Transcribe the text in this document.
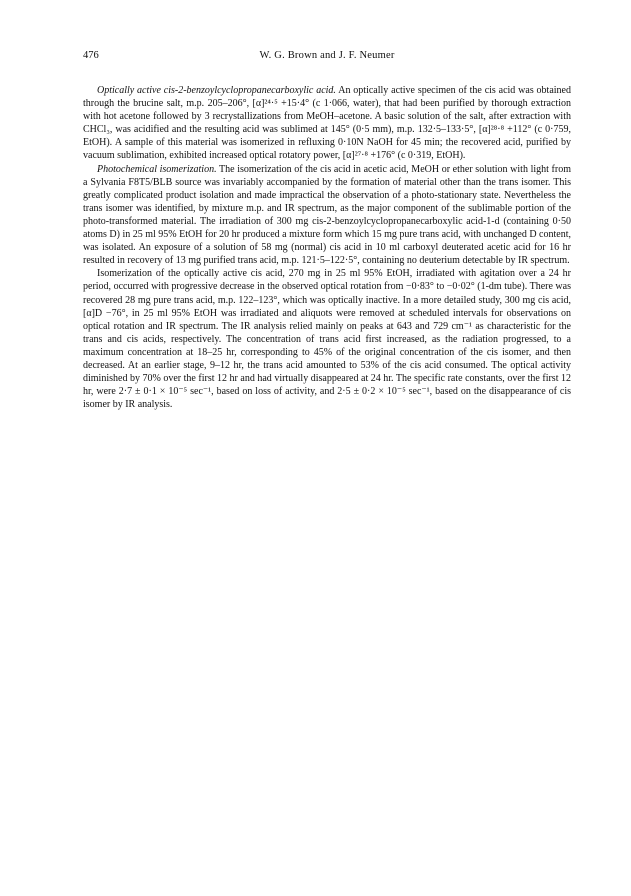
476	W. G. Brown and J. F. Neumer

Optically active cis-2-benzoylcyclopropanecarboxylic acid. An optically active specimen of the cis acid was obtained through the brucine salt, m.p. 205–206°, [α]²⁴·⁵ +15·4° (c 1·066, water), that had been purified by thorough extraction with hot acetone followed by 3 recrystallizations from MeOH–acetone. A basic solution of the salt, after extraction with CHCl₃, was acidified and the resulting acid was sublimed at 145° (0·5 mm), m.p. 132·5–133·5°, [α]²⁸·⁸ +112° (c 0·759, EtOH). A sample of this material was isomerized in refluxing 0·10N NaOH for 45 min; the recovered acid, purified by vacuum sublimation, exhibited increased optical rotatory power, [α]²⁷·⁸ +176° (c 0·319, EtOH).

Photochemical isomerization. The isomerization of the cis acid in acetic acid, MeOH or ether solution with light from a Sylvania F8T5/BLB source was invariably accompanied by the formation of material other than the trans isomer. This greatly complicated product isolation and made impractical the observation of a photo-stationary state. Nevertheless the trans isomer was identified, by mixture m.p. and IR spectrum, as the major component of the sublimable portion of the photo-transformed material. The irradiation of 300 mg cis-2-benzoylcyclopropanecarboxylic acid-1-d (containing 0·50 atoms D) in 25 ml 95% EtOH for 20 hr produced a mixture form which 15 mg pure trans acid, with unchanged D content, was isolated. An exposure of a solution of 58 mg (normal) cis acid in 10 ml carboxyl deuterated acetic acid for 16 hr resulted in recovery of 13 mg purified trans acid, m.p. 121·5–122·5°, containing no deuterium detectable by IR spectrum.

Isomerization of the optically active cis acid, 270 mg in 25 ml 95% EtOH, irradiated with agitation over a 24 hr period, occurred with progressive decrease in the observed optical rotation from −0·83° to −0·02° (1-dm tube). There was recovered 28 mg pure trans acid, m.p. 122–123°, which was optically inactive. In a more detailed study, 300 mg cis acid, [α]D −76°, in 25 ml 95% EtOH was irradiated and aliquots were removed at scheduled intervals for observations on optical rotation and IR spectrum. The IR analysis relied mainly on peaks at 643 and 729 cm⁻¹ as characteristic for the trans and cis acids, respectively. The concentration of trans acid first increased, as the radiation progressed, to a maximum concentration at 18–25 hr, corresponding to 45% of the original concentration of the cis isomer, and then decreased. At an earlier stage, 9–12 hr, the trans acid amounted to 53% of the cis acid consumed. The optical activity diminished by 70% over the first 12 hr and had virtually disappeared at 24 hr. The specific rate constants, over the first 12 hr, were 2·7 ± 0·1 × 10⁻⁵ sec⁻¹, based on loss of activity, and 2·5 ± 0·2 × 10⁻⁵ sec⁻¹, based on the disappearance of cis isomer by IR analysis.
